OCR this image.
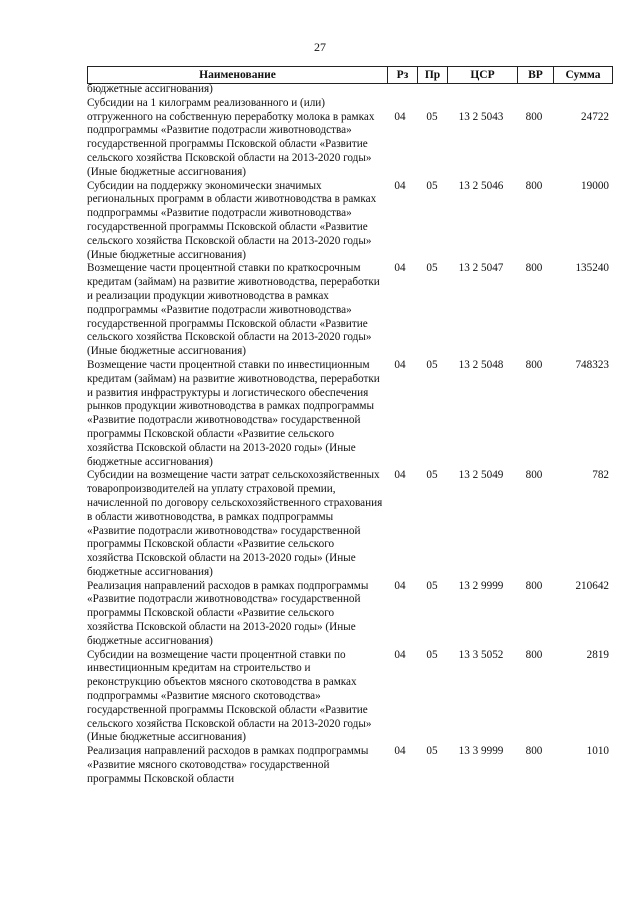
27
Наименование	Рз	Пр	ЦСР	ВР	Сумма
бюджетные ассигнования)
Субсидии на 1 килограмм реализованного и (или) отгруженного на собственную переработку молока в рамках подпрограммы «Развитие подотрасли животноводства» государственной программы Псковской области «Развитие сельского хозяйства Псковской области на 2013-2020 годы» (Иные бюджетные ассигнования)
04	05	13 2 5043	800	24722
Субсидии на поддержку экономически значимых региональных программ в области животноводства в рамках подпрограммы «Развитие подотрасли животноводства» государственной программы Псковской области «Развитие сельского хозяйства Псковской области на 2013-2020 годы» (Иные бюджетные ассигнования)
04	05	13 2 5046	800	19000
Возмещение части процентной ставки по краткосрочным кредитам (займам) на развитие животноводства, переработки и реализации продукции животноводства в рамках подпрограммы «Развитие подотрасли животноводства» государственной программы Псковской области «Развитие сельского хозяйства Псковской области на 2013-2020 годы» (Иные бюджетные ассигнования)
04	05	13 2 5047	800	135240
Возмещение части процентной ставки по инвестиционным кредитам (займам) на развитие животноводства, переработки и развития инфраструктуры и логистического обеспечения рынков продукции животноводства в рамках подпрограммы «Развитие подотрасли животноводства» государственной программы Псковской области «Развитие сельского хозяйства Псковской области на 2013-2020 годы» (Иные бюджетные ассигнования)
04	05	13 2 5048	800	748323
Субсидии на возмещение части затрат сельскохозяйственных товаропроизводителей на уплату страховой премии, начисленной по договору сельскохозяйственного страхования в области животноводства, в рамках подпрограммы «Развитие подотрасли животноводства» государственной программы Псковской области «Развитие сельского хозяйства Псковской области на 2013-2020 годы» (Иные бюджетные ассигнования)
04	05	13 2 5049	800	782
Реализация направлений расходов в рамках подпрограммы «Развитие подотрасли животноводства» государственной программы Псковской области «Развитие сельского хозяйства Псковской области на 2013-2020 годы» (Иные бюджетные ассигнования)
04	05	13 2 9999	800	210642
Субсидии на возмещение части процентной ставки по инвестиционным кредитам на строительство и реконструкцию объектов мясного скотоводства в рамках подпрограммы «Развитие мясного скотоводства» государственной программы Псковской области «Развитие сельского хозяйства Псковской области на 2013-2020 годы» (Иные бюджетные ассигнования)
04	05	13 3 5052	800	2819
Реализация направлений расходов в рамках подпрограммы «Развитие мясного скотоводства» государственной программы Псковской области
04	05	13 3 9999	800	1010
